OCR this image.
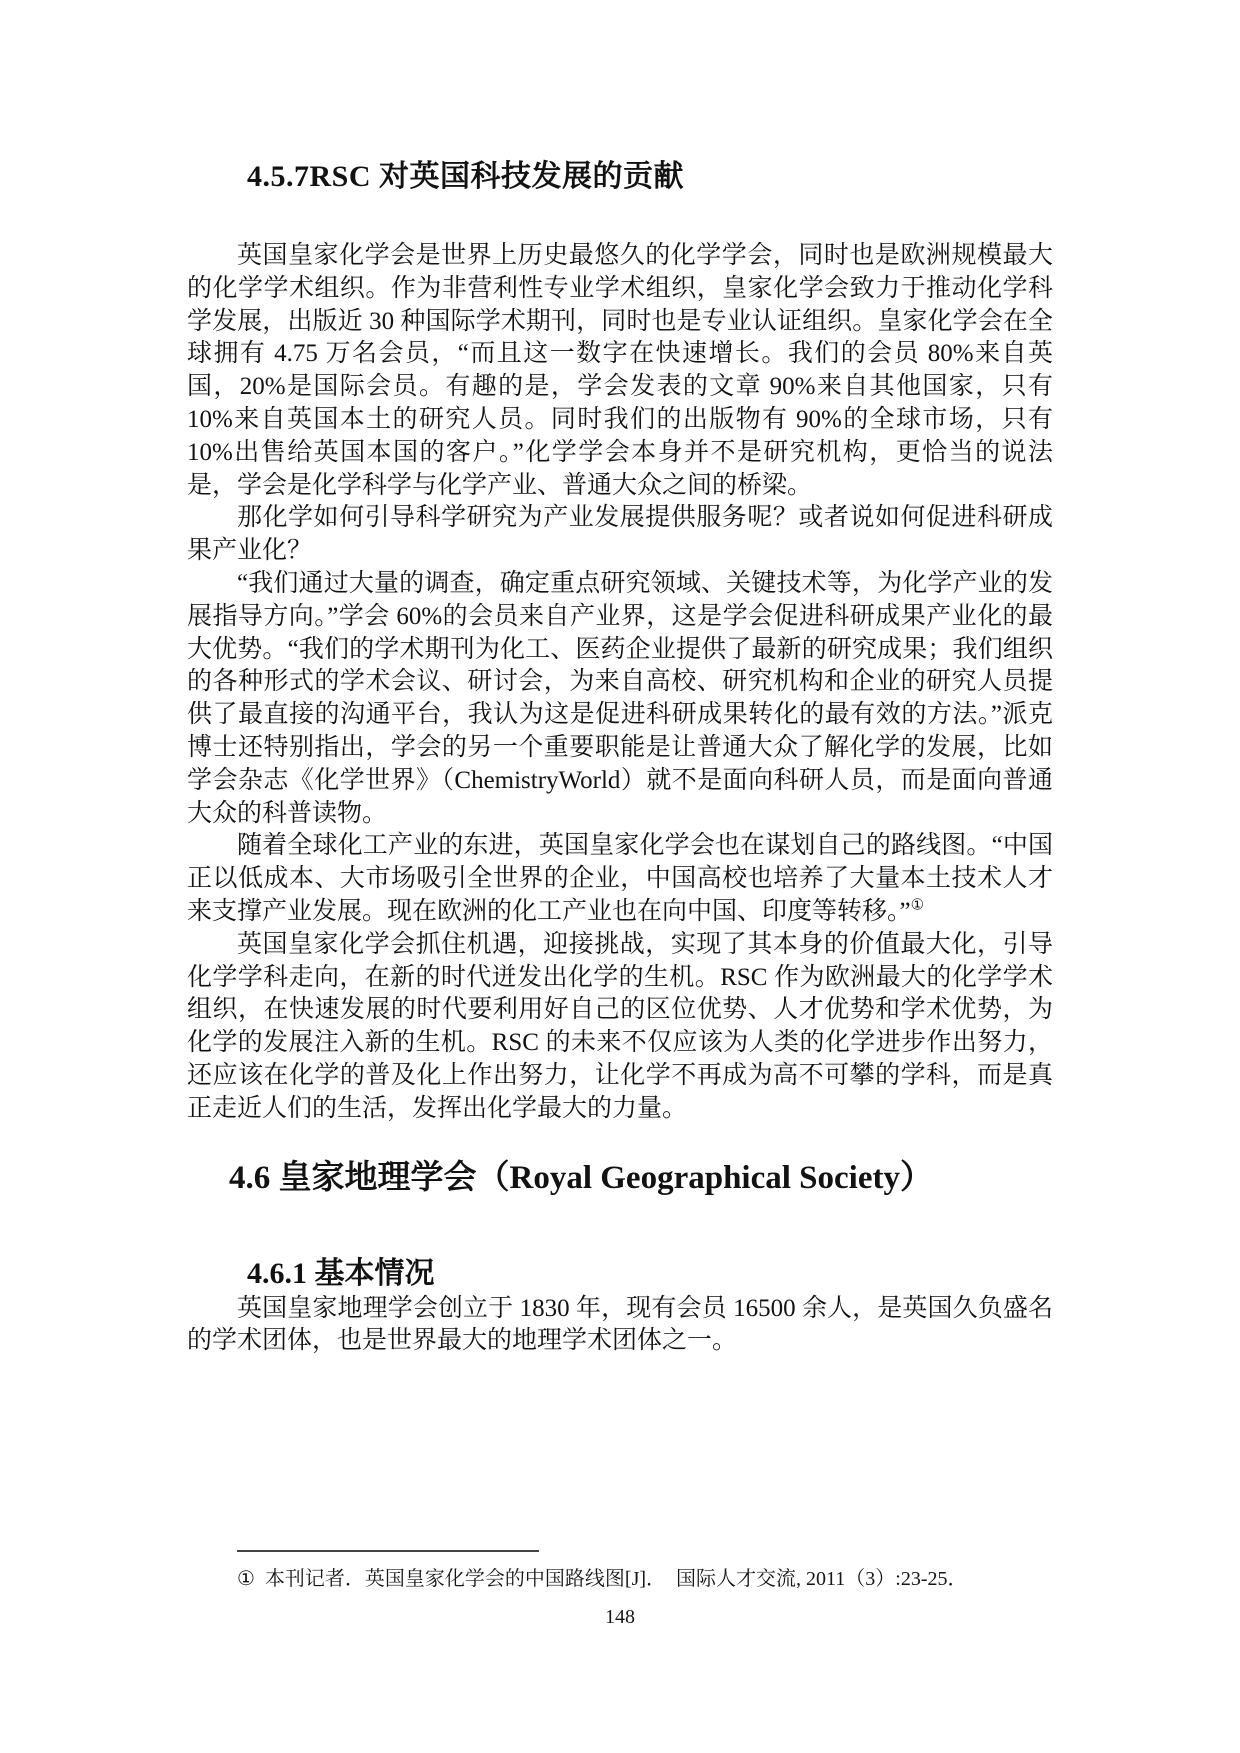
4.5.7RSC 对英国科技发展的贡献

英国皇家化学会是世界上历史最悠久的化学学会，同时也是欧洲规模最大的化学学术组织。作为非营利性专业学术组织，皇家化学会致力于推动化学科学发展，出版近 30 种国际学术期刊，同时也是专业认证组织。皇家化学会在全球拥有 4.75 万名会员，“而且这一数字在快速增长。我们的会员 80%来自英国，20%是国际会员。有趣的是，学会发表的文章 90%来自其他国家，只有 10%来自英国本土的研究人员。同时我们的出版物有 90%的全球市场，只有 10%出售给英国本国的客户。”化学学会本身并不是研究机构，更恰当的说法是，学会是化学科学与化学产业、普通大众之间的桥梁。

那化学如何引导科学研究为产业发展提供服务呢？或者说如何促进科研成果产业化？

“我们通过大量的调查，确定重点研究领域、关键技术等，为化学产业的发展指导方向。”学会 60%的会员来自产业界，这是学会促进科研成果产业化的最大优势。“我们的学术期刊为化工、医药企业提供了最新的研究成果；我们组织的各种形式的学术会议、研讨会，为来自高校、研究机构和企业的研究人员提供了最直接的沟通平台，我认为这是促进科研成果转化的最有效的方法。”派克博士还特别指出，学会的另一个重要职能是让普通大众了解化学的发展，比如学会杂志《化学世界》（ChemistryWorld）就不是面向科研人员，而是面向普通大众的科普读物。

随着全球化工产业的东进，英国皇家化学会也在谋划自己的路线图。“中国正以低成本、大市场吸引全世界的企业，中国高校也培养了大量本土技术人才来支撑产业发展。现在欧洲的化工产业也在向中国、印度等转移。”①

英国皇家化学会抓住机遇，迎接挑战，实现了其本身的价值最大化，引导化学学科走向，在新的时代迸发出化学的生机。RSC 作为欧洲最大的化学学术组织，在快速发展的时代要利用好自己的区位优势、人才优势和学术优势，为化学的发展注入新的生机。RSC 的未来不仅应该为人类的化学进步作出努力，还应该在化学的普及化上作出努力，让化学不再成为高不可攀的学科，而是真正走近人们的生活，发挥出化学最大的力量。

4.6 皇家地理学会（Royal Geographical Society）
4.6.1 基本情况

英国皇家地理学会创立于 1830 年，现有会员 16500 余人，是英国久负盛名的学术团体，也是世界最大的地理学术团体之一。

① 本刊记者．英国皇家化学会的中国路线图[J]． 国际人才交流, 2011（3）:23-25．
148
